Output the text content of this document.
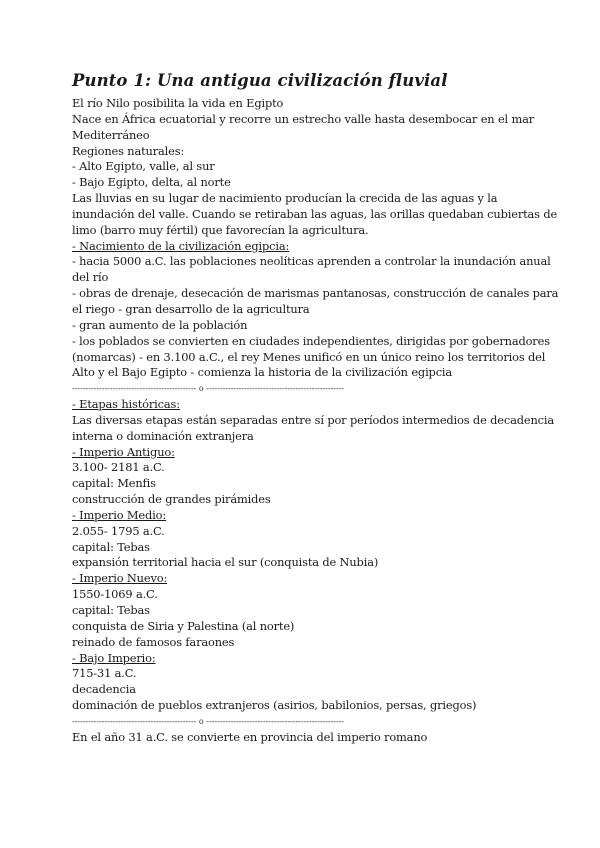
Punto 1: Una antigua civilización fluvial
El río Nilo posibilita la vida en Egipto
Nace en África ecuatorial y recorre un estrecho valle hasta desembocar en el mar
Mediterráneo
Regiones naturales:
- Alto Egipto, valle, al sur
- Bajo Egipto, delta, al norte
Las lluvias en su lugar de nacimiento producían la crecida de las aguas y la
inundación del valle. Cuando se retiraban las aguas, las orillas quedaban cubiertas de
limo (barro muy fértil) que favorecían la agricultura.
- Nacimiento de la civilización egipcia:
- hacia 5000 a.C. las poblaciones neolíticas aprenden a controlar la inundación anual
del río
- obras de drenaje, desecación de marismas pantanosas, construcción de canales para
el riego - gran desarrollo de la agricultura
- gran aumento de la población
- los poblados se convierten en ciudades independientes, dirigidas por gobernadores
(nomarcas) - en 3.100 a.C., el rey Menes unificó en un único reino los territorios del
Alto y el Bajo Egipto - comienza la historia de la civilización egipcia
---------------------------------------------- o ---------------------------------------------------
- Etapas históricas:
Las diversas etapas están separadas entre sí por períodos intermedios de decadencia
interna o dominación extranjera
- Imperio Antiguo:
3.100- 2181 a.C.
capital: Menfis
construcción de grandes pirámides
- Imperio Medio:
2.055- 1795 a.C.
capital: Tebas
expansión territorial hacia el sur (conquista de Nubia)
- Imperio Nuevo:
1550-1069 a.C.
capital: Tebas
conquista de Siria y Palestina (al norte)
reinado de famosos faraones
- Bajo Imperio:
715-31 a.C.
decadencia
dominación de pueblos extranjeros (asirios, babilonios, persas, griegos)
---------------------------------------------- o ---------------------------------------------------
En el año 31 a.C. se convierte en provincia del imperio romano
